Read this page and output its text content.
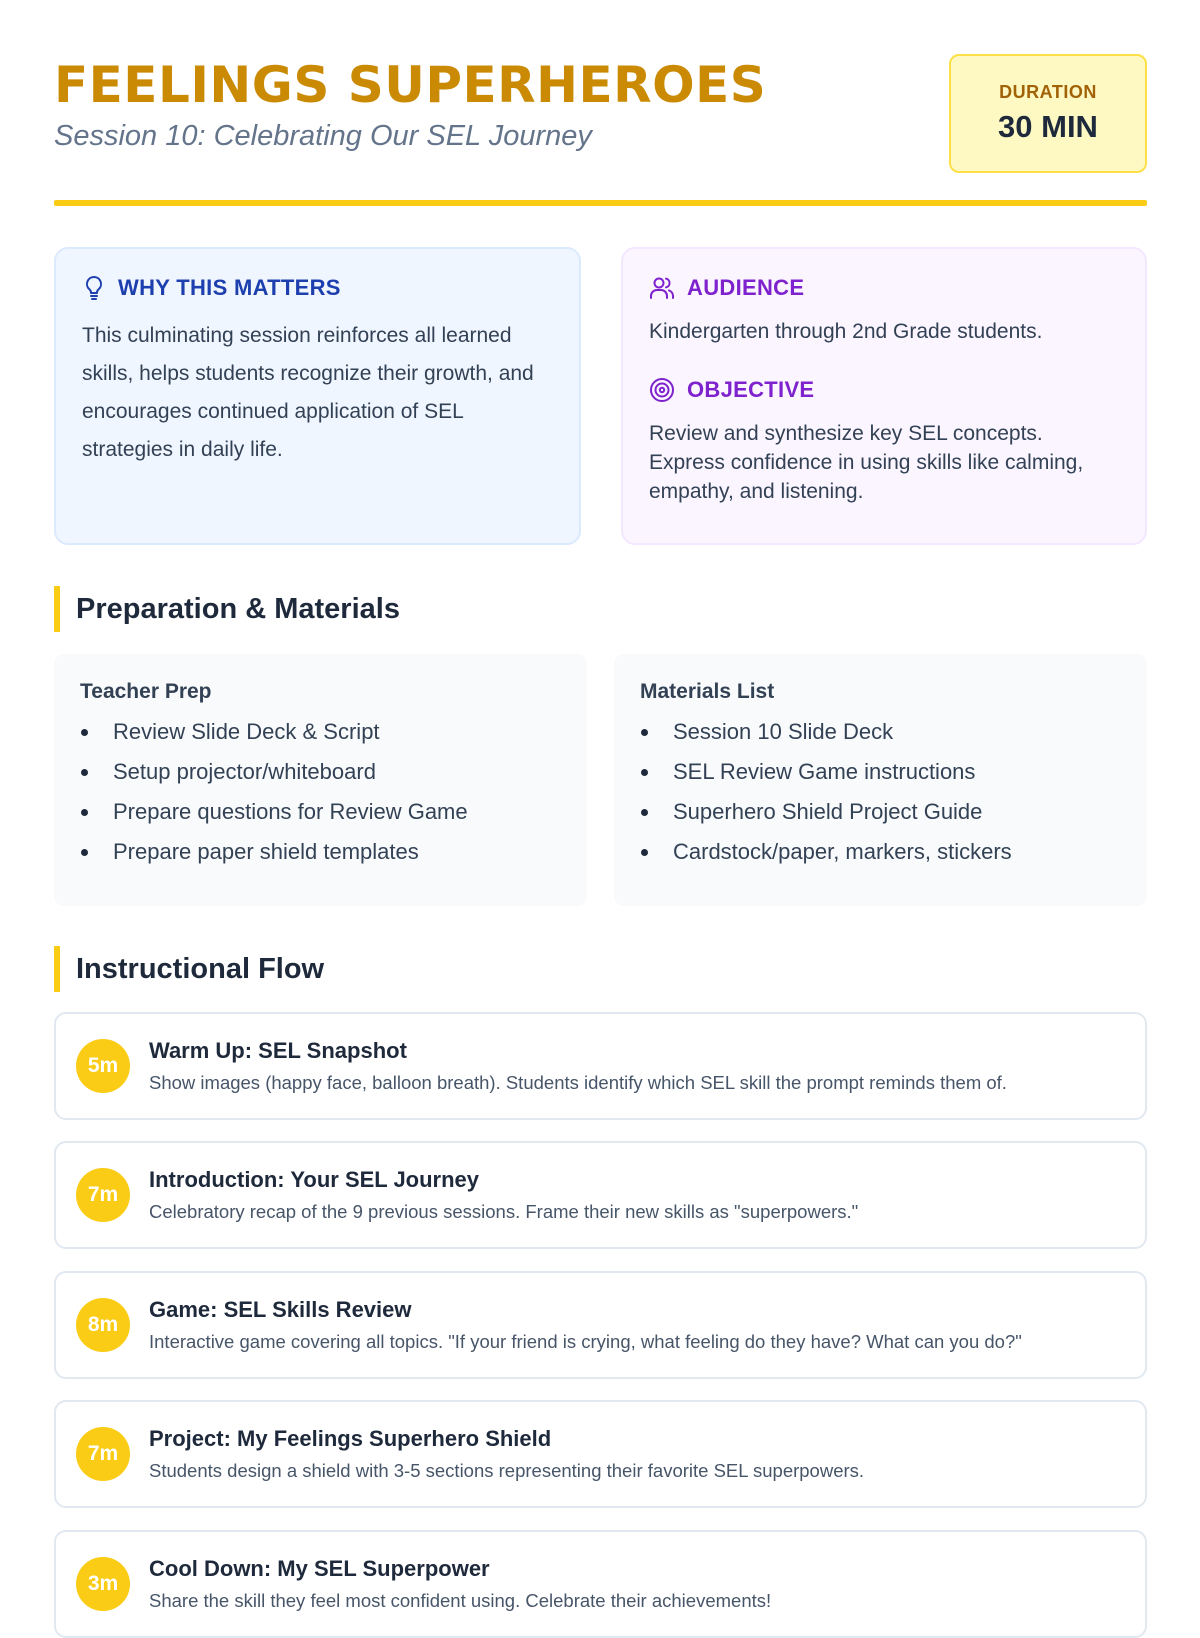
FEELINGS SUPERHEROES
Session 10: Celebrating Our SEL Journey
DURATION
30 MIN
WHY THIS MATTERS
This culminating session reinforces all learned skills, helps students recognize their growth, and encourages continued application of SEL strategies in daily life.
AUDIENCE
Kindergarten through 2nd Grade students.
OBJECTIVE
Review and synthesize key SEL concepts. Express confidence in using skills like calming, empathy, and listening.
Preparation & Materials
Teacher Prep
Review Slide Deck & Script
Setup projector/whiteboard
Prepare questions for Review Game
Prepare paper shield templates
Materials List
Session 10 Slide Deck
SEL Review Game instructions
Superhero Shield Project Guide
Cardstock/paper, markers, stickers
Instructional Flow
5m
Warm Up: SEL Snapshot
Show images (happy face, balloon breath). Students identify which SEL skill the prompt reminds them of.
7m
Introduction: Your SEL Journey
Celebratory recap of the 9 previous sessions. Frame their new skills as "superpowers."
8m
Game: SEL Skills Review
Interactive game covering all topics. "If your friend is crying, what feeling do they have? What can you do?"
7m
Project: My Feelings Superhero Shield
Students design a shield with 3-5 sections representing their favorite SEL superpowers.
3m
Cool Down: My SEL Superpower
Share the skill they feel most confident using. Celebrate their achievements!
